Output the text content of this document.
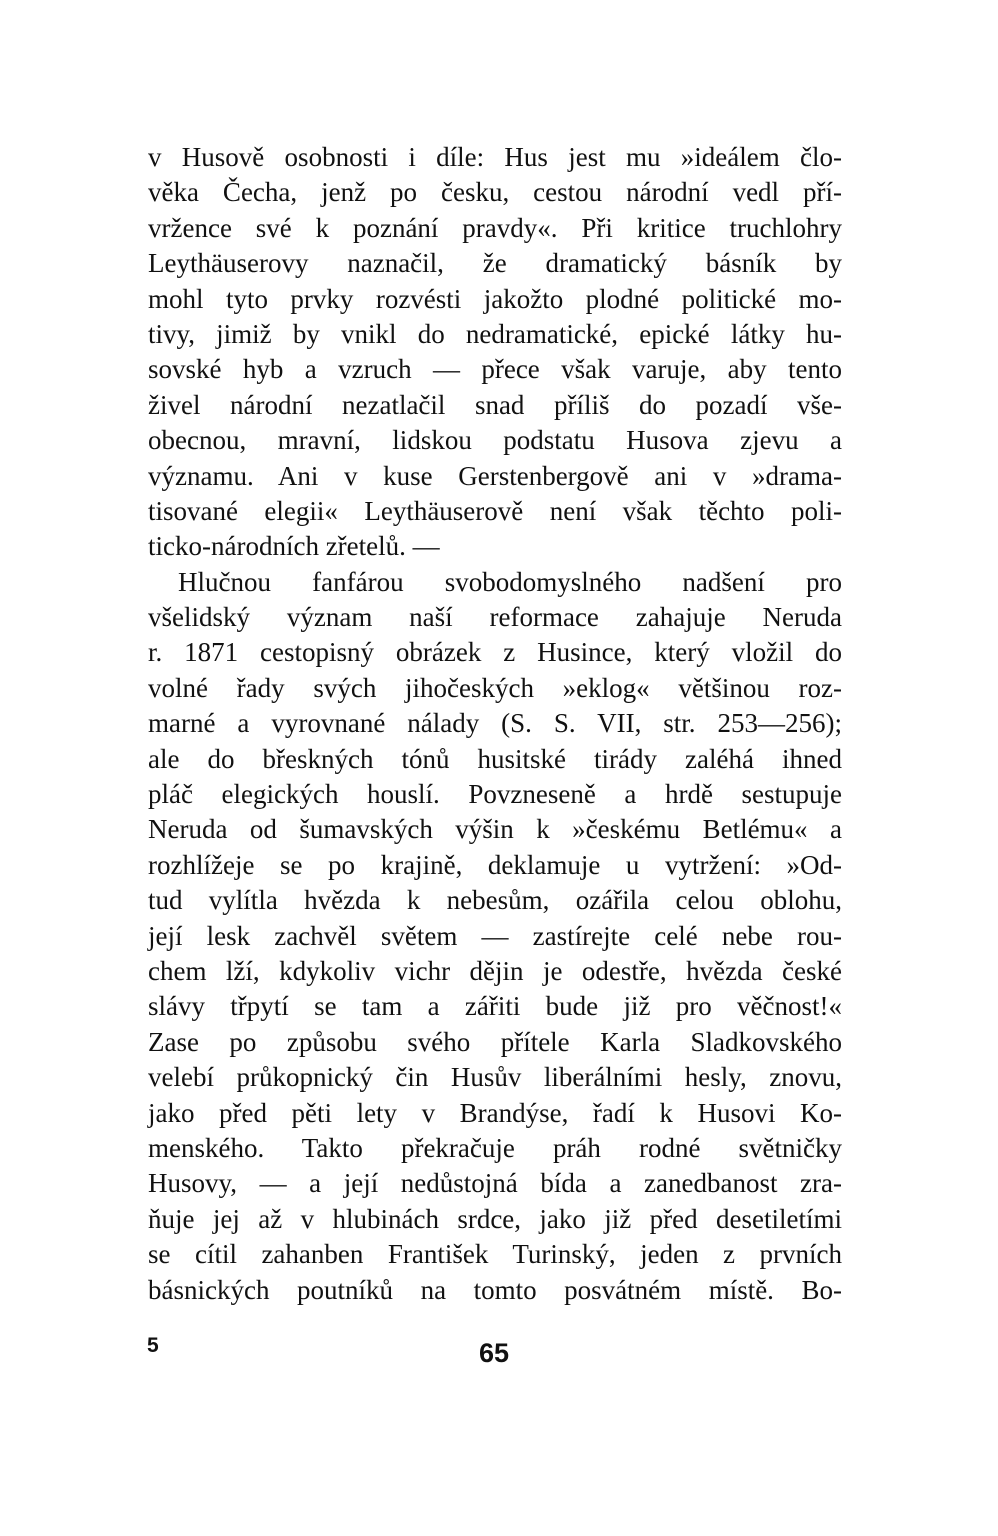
v Husově osobnosti i díle: Hus jest mu »ideálem člo-
věka Čecha, jenž po česku, cestou národní vedl pří-
vržence své k poznání pravdy«. Při kritice truchlohry
Leythäuserovy naznačil, že dramatický básník by
mohl tyto prvky rozvésti jakožto plodné politické mo-
tivy, jimiž by vnikl do nedramatické, epické látky hu-
sovské hyb a vzruch — přece však varuje, aby tento
živel národní nezatlačil snad příliš do pozadí vše-
obecnou, mravní, lidskou podstatu Husova zjevu a
významu. Ani v kuse Gerstenbergově ani v »drama-
tisované elegii« Leythäuserově není však těchto poli-
ticko-národních zřetelů. —
Hlučnou fanfárou svobodomyslného nadšení pro
všelidský význam naší reformace zahajuje Neruda
r. 1871 cestopisný obrázek z Husince, který vložil do
volné řady svých jihočeských »eklog« většinou roz-
marné a vyrovnané nálady (S. S. VII, str. 253—256);
ale do břeskných tónů husitské tirády zaléhá ihned
pláč elegických houslí. Povzneseně a hrdě sestupuje
Neruda od šumavských výšin k »českému Betlému« a
rozhlížeje se po krajině, deklamuje u vytržení: »Od-
tud vylítla hvězda k nebesům, ozářila celou oblohu,
její lesk zachvěl světem — zastírejte celé nebe rou-
chem lží, kdykoliv vichr dějin je odestře, hvězda české
slávy třpytí se tam a zářiti bude již pro věčnost!«
Zase po způsobu svého přítele Karla Sladkovského
velebí průkopnický čin Husův liberálními hesly, znovu,
jako před pěti lety v Brandýse, řadí k Husovi Ko-
menského. Takto překračuje práh rodné světničky
Husovy, — a její nedůstojná bída a zanedbanost zra-
ňuje jej až v hlubinách srdce, jako již před desetiletími
se cítil zahanben František Turinský, jeden z prvních
básnických poutníků na tomto posvátném místě. Bo-
5	65
